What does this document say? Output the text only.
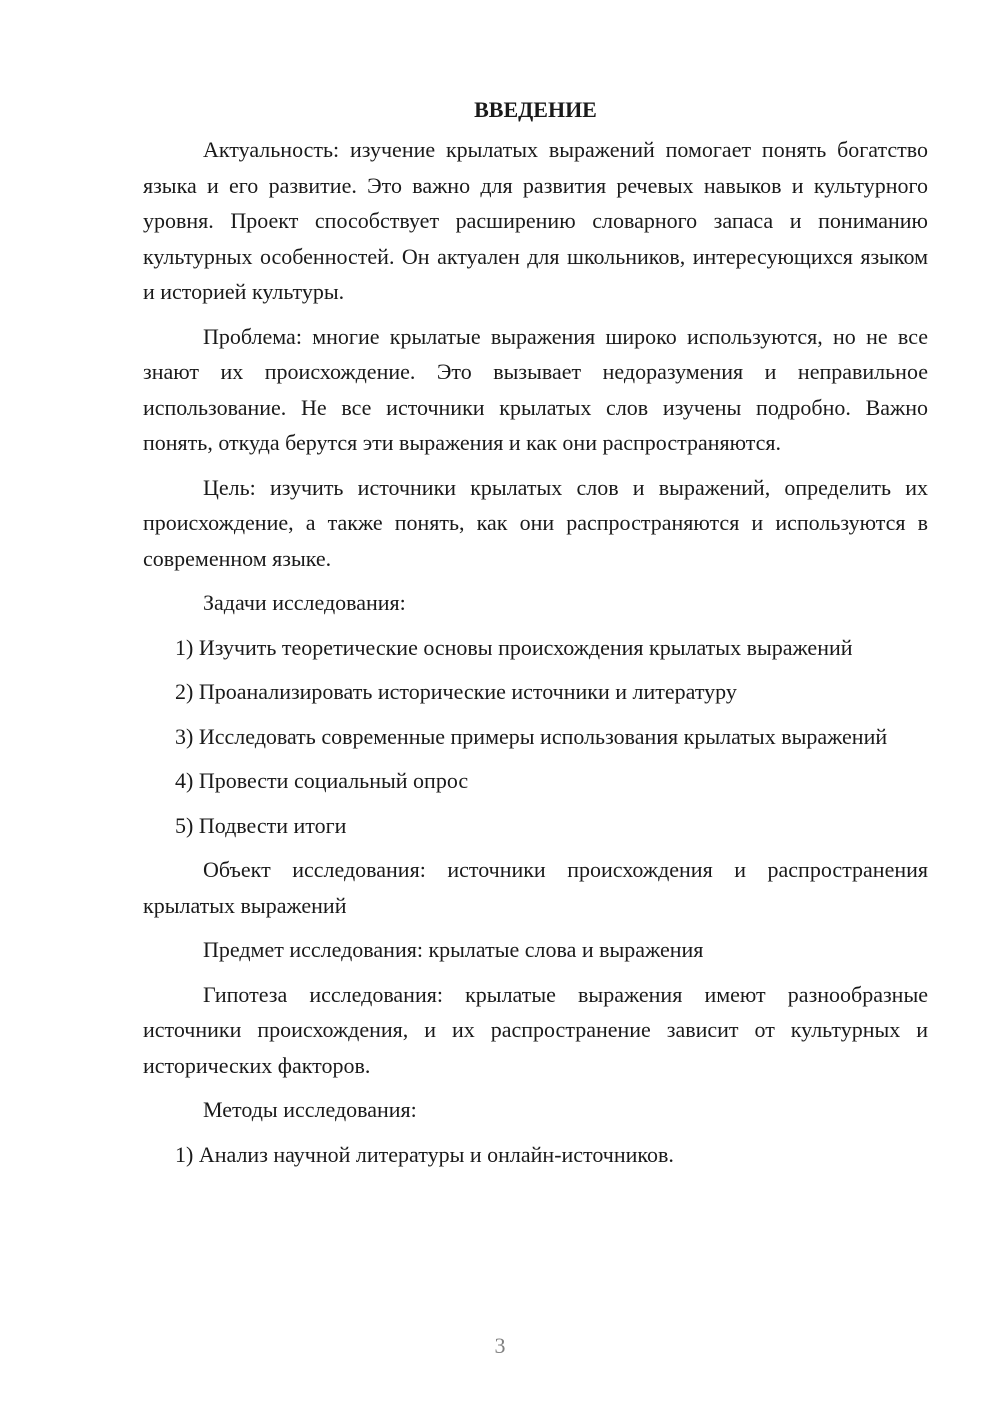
ВВЕДЕНИЕ

Актуальность: изучение крылатых выражений помогает понять богатство языка и его развитие. Это важно для развития речевых навыков и культурного уровня. Проект способствует расширению словарного запаса и пониманию культурных особенностей. Он актуален для школьников, интересующихся языком и историей культуры.

Проблема: многие крылатые выражения широко используются, но не все знают их происхождение. Это вызывает недоразумения и неправильное использование. Не все источники крылатых слов изучены подробно. Важно понять, откуда берутся эти выражения и как они распространяются.

Цель: изучить источники крылатых слов и выражений, определить их происхождение, а также понять, как они распространяются и используются в современном языке.

Задачи исследования:

1) Изучить теоретические основы происхождения крылатых выражений

2) Проанализировать исторические источники и литературу

3) Исследовать современные примеры использования крылатых выражений

4) Провести социальный опрос

5) Подвести итоги

Объект исследования: источники происхождения и распространения крылатых выражений

Предмет исследования: крылатые слова и выражения

Гипотеза исследования: крылатые выражения имеют разнообразные источники происхождения, и их распространение зависит от культурных и исторических факторов.

Методы исследования:

1) Анализ научной литературы и онлайн-источников.

3
